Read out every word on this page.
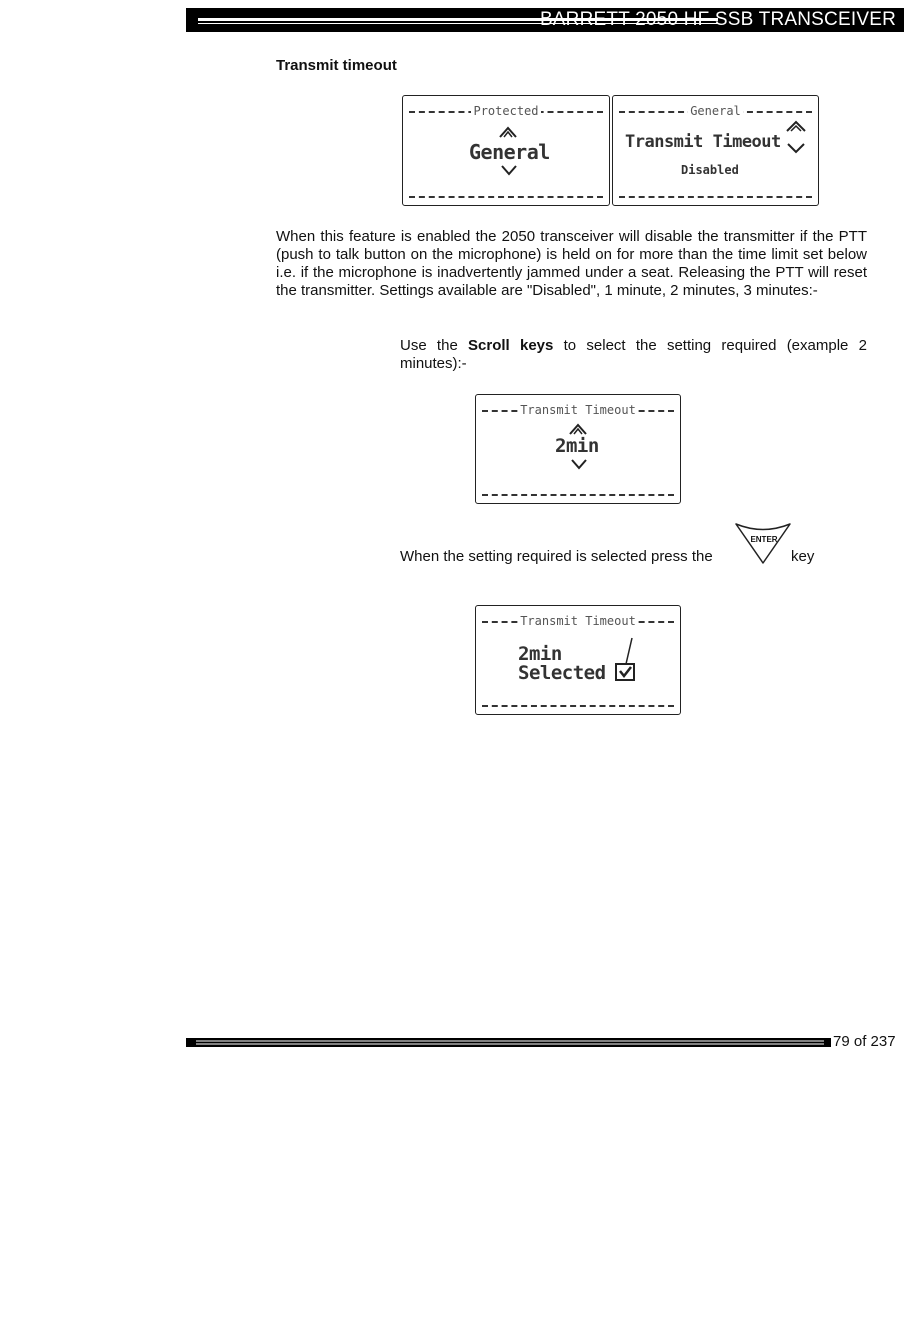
BARRETT 2050 HF SSB TRANSCEIVER
Transmit timeout
Protected
General
General
Transmit Timeout
Disabled

When this feature is enabled the 2050 transceiver will disable the transmitter if the PTT (push to talk button on the microphone) is held on for more than the time limit set below i.e. if the microphone is inadvertently jammed under a seat. Releasing the PTT will reset the transmitter. Settings available are "Disabled", 1 minute, 2 minutes, 3 minutes:-

Use the Scroll keys to select the setting required (example 2 minutes):-

Transmit Timeout
2min
When the setting required is selected press the
ENTER
key
Transmit Timeout
2min
Selected
79 of 237
